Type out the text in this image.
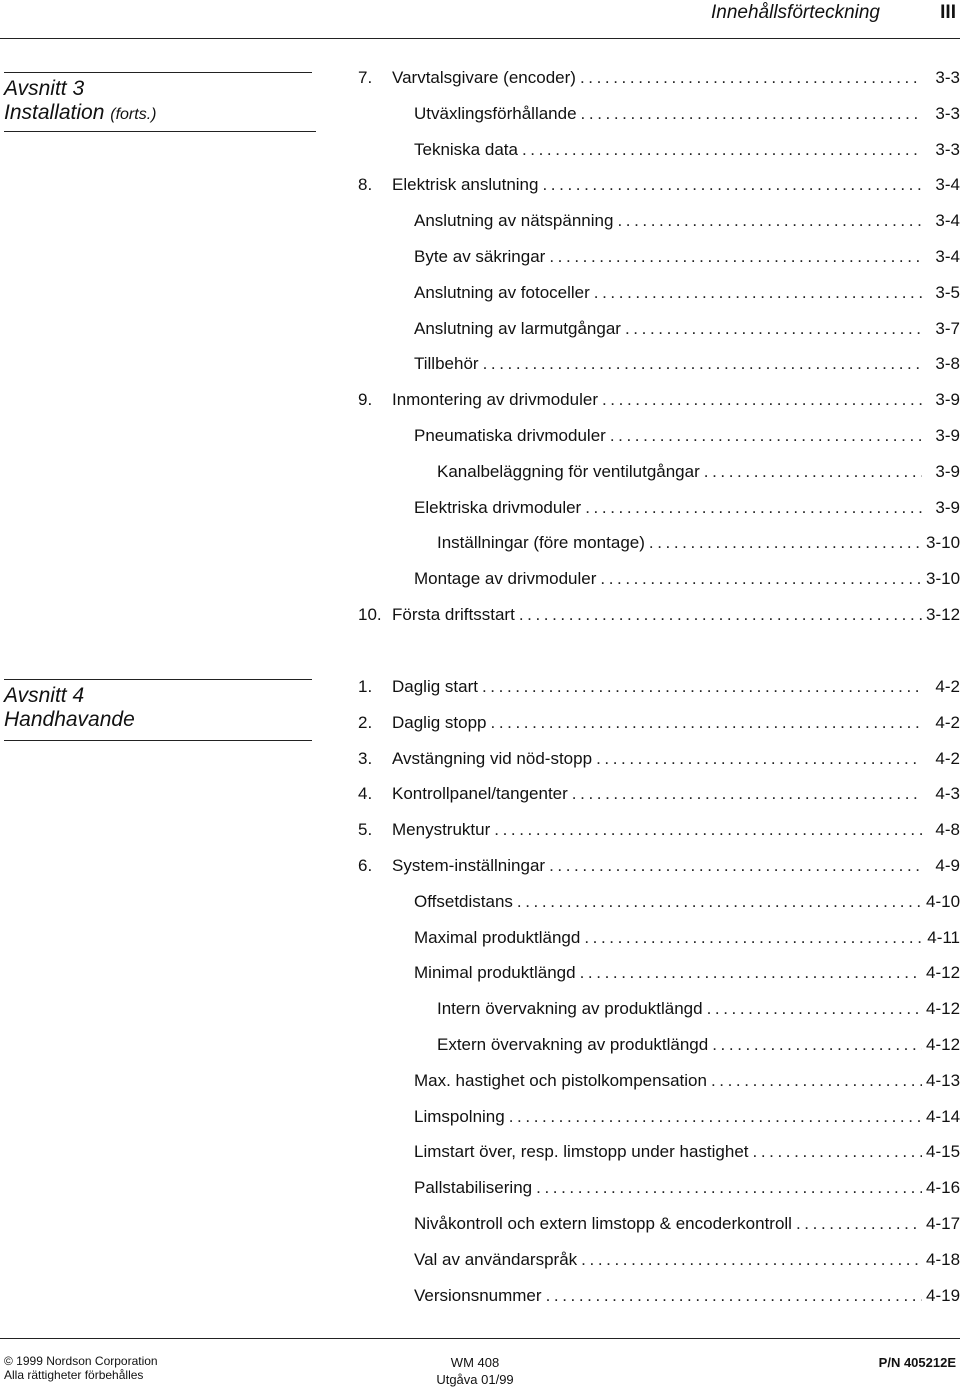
Innehållsförteckning	III
Avsnitt 3
Installation (forts.)
Avsnitt 4
Handhavande
7.	Varvtalsgivare (encoder) .....	3-3
Utväxlingsförhållande .....	3-3
Tekniska data .....	3-3
8.	Elektrisk anslutning .....	3-4
Anslutning av nätspänning .....	3-4
Byte av säkringar .....	3-4
Anslutning av fotoceller .....	3-5
Anslutning av larmutgångar .....	3-7
Tillbehör .....	3-8
9.	Inmontering av drivmoduler .....	3-9
Pneumatiska drivmoduler .....	3-9
Kanalbeläggning för ventilutgångar .....	3-9
Elektriska drivmoduler .....	3-9
Inställningar (före montage) .....	3-10
Montage av drivmoduler .....	3-10
10. Första driftsstart .....	3-12
1.	Daglig start .....	4-2
2.	Daglig stopp .....	4-2
3.	Avstängning vid nöd-stopp .....	4-2
4.	Kontrollpanel/tangenter .....	4-3
5.	Menystruktur .....	4-8
6.	System-inställningar .....	4-9
Offsetdistans .....	4-10
Maximal produktlängd .....	4-11
Minimal produktlängd .....	4-12
Intern övervakning av produktlängd .....	4-12
Extern övervakning av produktlängd .....	4-12
Max. hastighet och pistolkompensation .....	4-13
Limspolning .....	4-14
Limstart över, resp. limstopp under hastighet .....	4-15
Pallstabilisering .....	4-16
Nivåkontroll och extern limstopp & encoderkontroll .....	4-17
Val av användarspråk .....	4-18
Versionsnummer .....	4-19
© 1999 Nordson Corporation
Alla rättigheter förbehålles
WM 408
Utgåva 01/99
P/N 405212E
